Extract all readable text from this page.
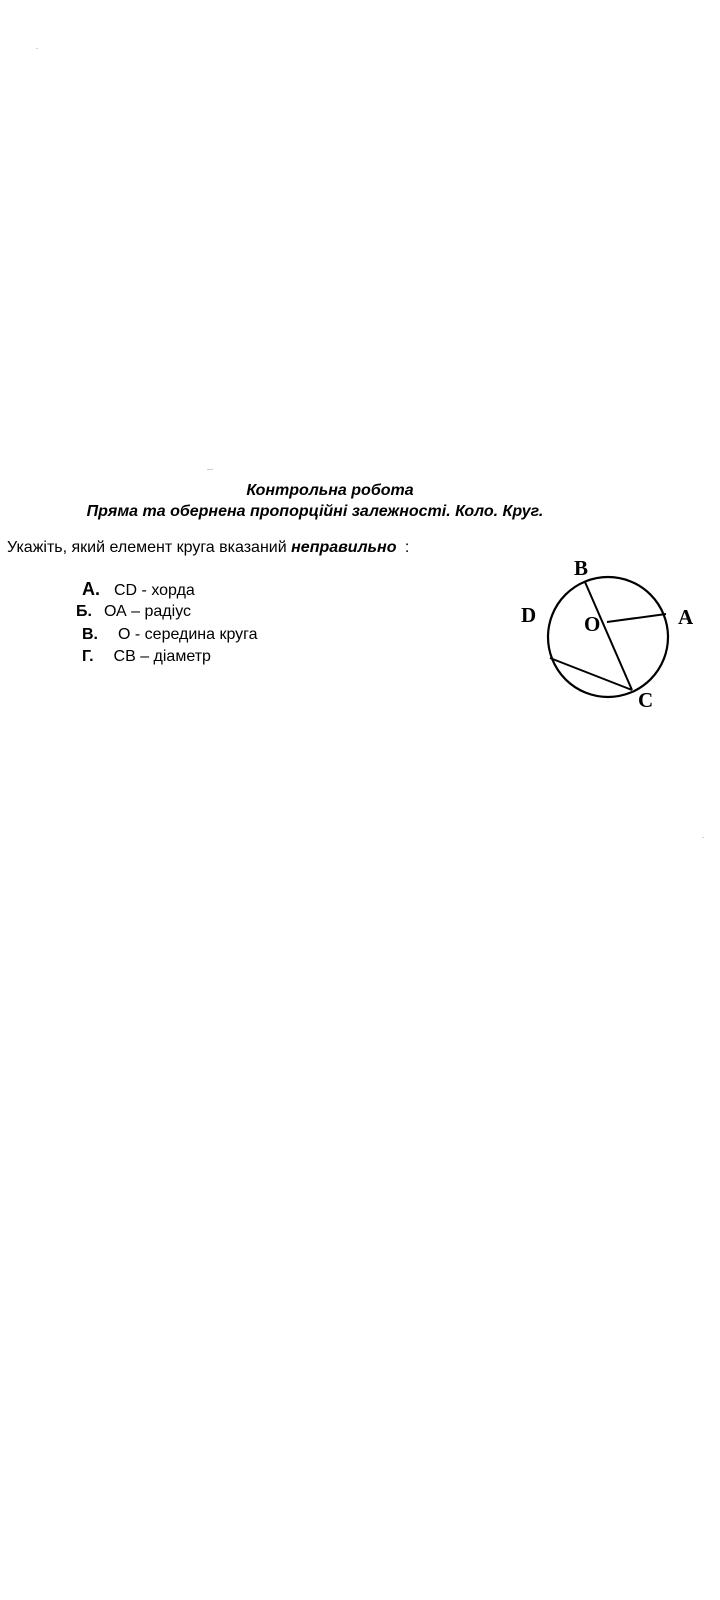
Контрольна робота

Пряма та обернена пропорційні залежності. Коло. Круг.

Укажіть, який елемент круга вказаний неправильно :
А. CD - хорда
Б. ОА – радіус
В. О - середина круга
Г. СВ – діаметр
B
D O	A
C
